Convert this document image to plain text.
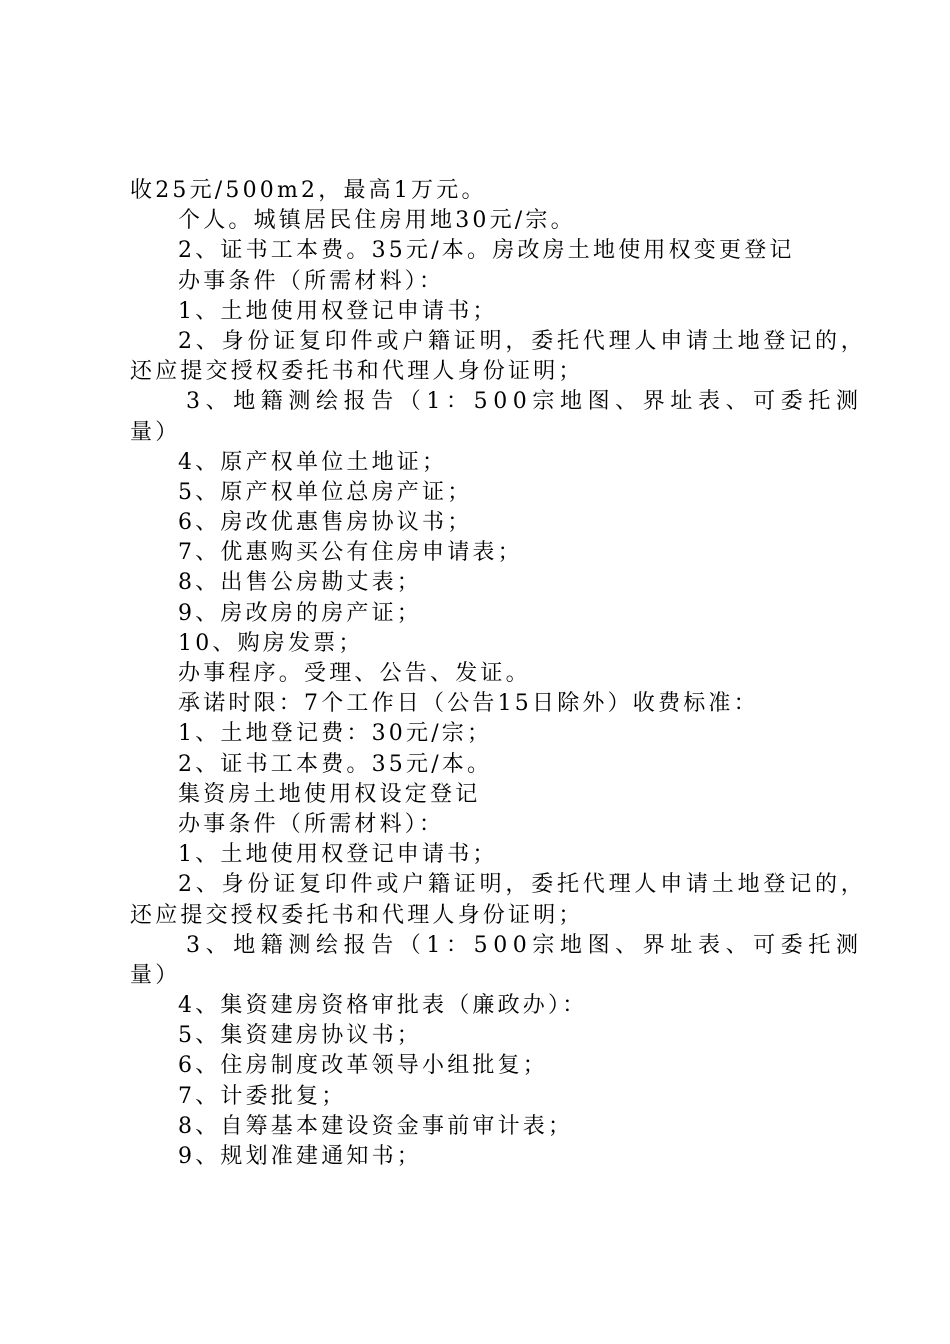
收25元/500m2，最高1万元。
个人。城镇居民住房用地30元/宗。
2、证书工本费。35元/本。房改房土地使用权变更登记
办事条件（所需材料）：
1、土地使用权登记申请书；
2、身份证复印件或户籍证明，委托代理人申请土地登记的，
还应提交授权委托书和代理人身份证明；
3、地籍测绘报告（1：500宗地图、界址表、可委托测
量）
4、原产权单位土地证；
5、原产权单位总房产证；
6、房改优惠售房协议书；
7、优惠购买公有住房申请表；
8、出售公房勘丈表；
9、房改房的房产证；
10、购房发票；
办事程序。受理、公告、发证。
承诺时限：7个工作日（公告15日除外）收费标准：
1、土地登记费：30元/宗；
2、证书工本费。35元/本。
集资房土地使用权设定登记
办事条件（所需材料）：
1、土地使用权登记申请书；
2、身份证复印件或户籍证明，委托代理人申请土地登记的，
还应提交授权委托书和代理人身份证明；
3、地籍测绘报告（1：500宗地图、界址表、可委托测
量）
4、集资建房资格审批表（廉政办）：
5、集资建房协议书；
6、住房制度改革领导小组批复；
7、计委批复；
8、自筹基本建设资金事前审计表；
9、规划准建通知书；
